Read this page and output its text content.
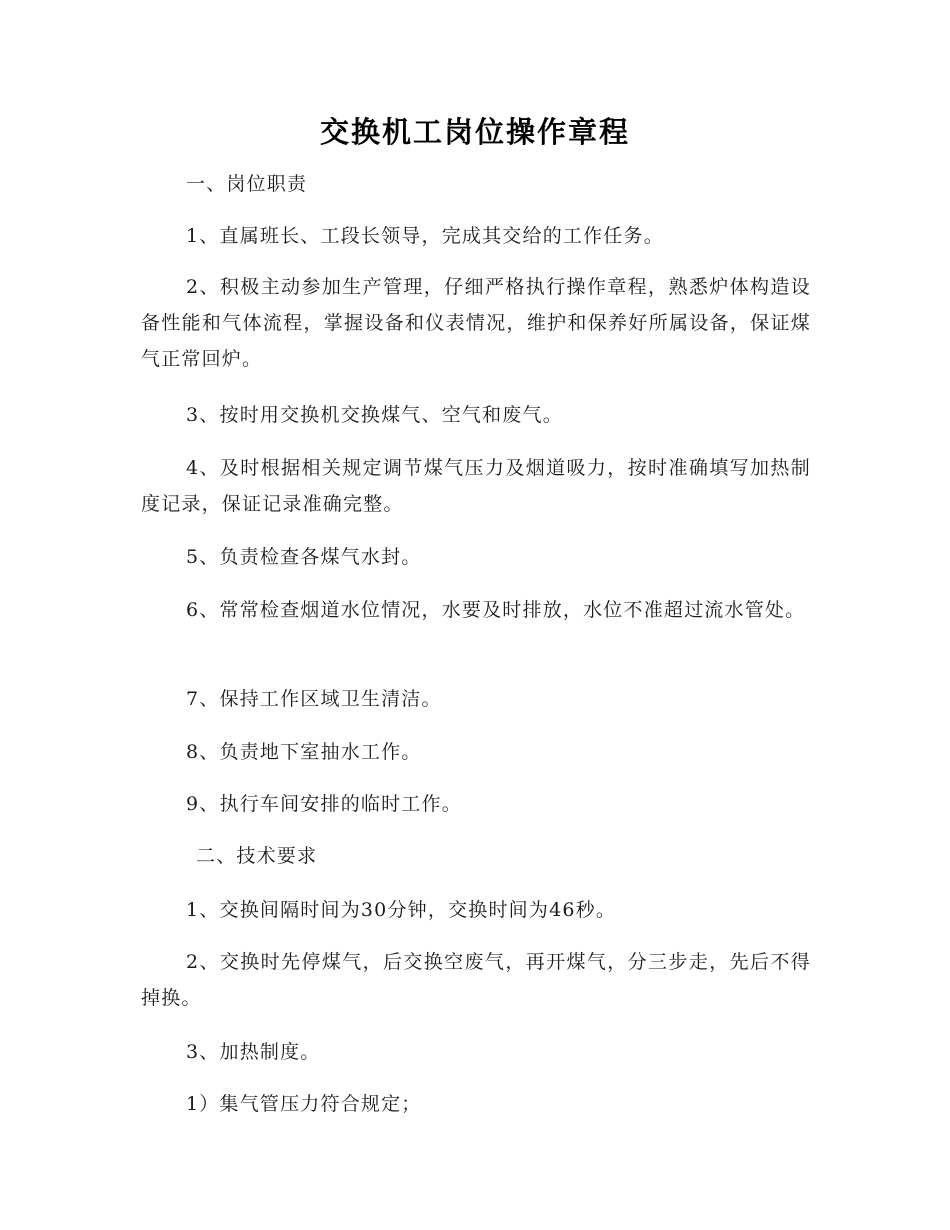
交换机工岗位操作章程

一、岗位职责

1、直属班长、工段长领导，完成其交给的工作任务。

2、积极主动参加生产管理，仔细严格执行操作章程，熟悉炉体构造设备性能和气体流程，掌握设备和仪表情况，维护和保养好所属设备，保证煤气正常回炉。

3、按时用交换机交换煤气、空气和废气。

4、及时根据相关规定调节煤气压力及烟道吸力，按时准确填写加热制度记录，保证记录准确完整。

5、负责检查各煤气水封。

6、常常检查烟道水位情况，水要及时排放，水位不准超过流水管处。

7、保持工作区域卫生清洁。

8、负责地下室抽水工作。

9、执行车间安排的临时工作。

二、技术要求

1、交换间隔时间为30分钟，交换时间为46秒。

2、交换时先停煤气，后交换空废气，再开煤气，分三步走，先后不得掉换。

3、加热制度。

1）集气管压力符合规定；
